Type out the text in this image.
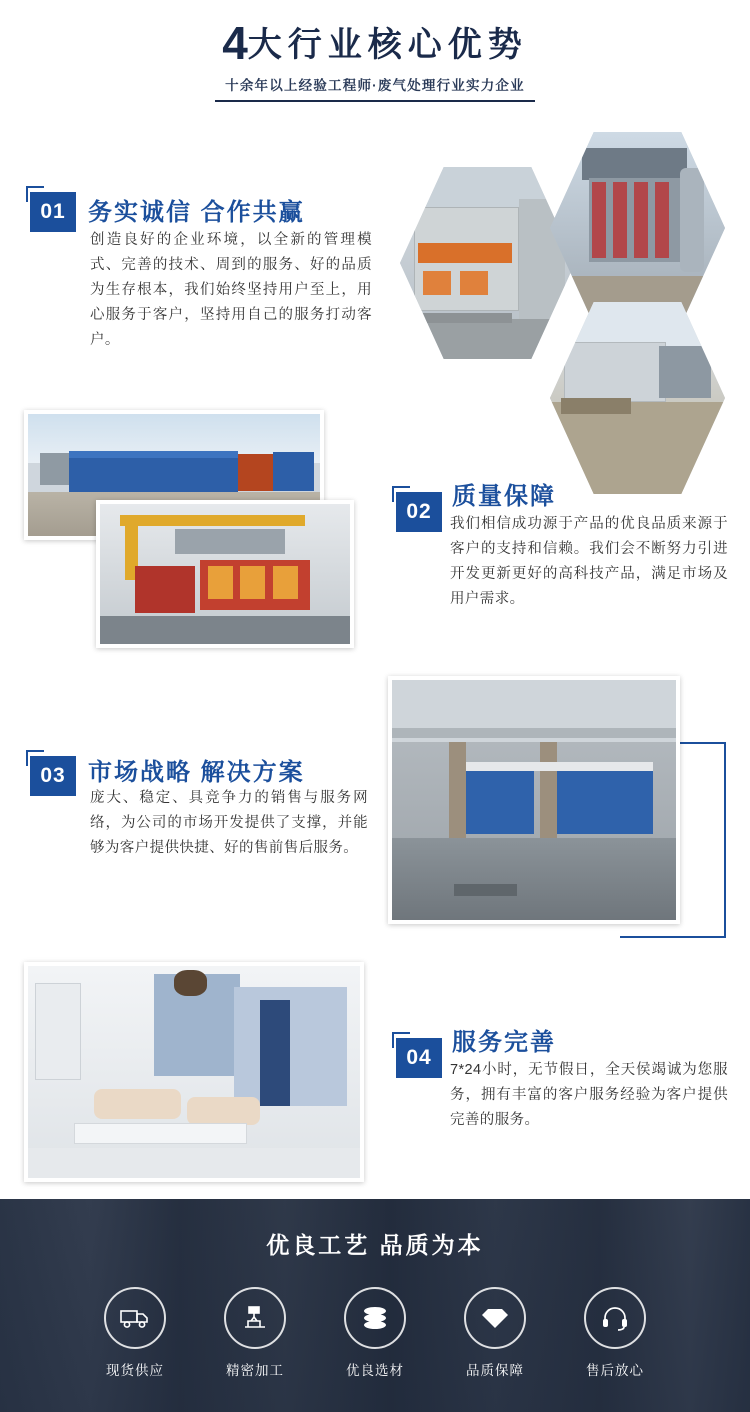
4大行业核心优势
十余年以上经验工程师·废气处理行业实力企业
01 务实诚信 合作共赢
创造良好的企业环境，以全新的管理模式、完善的技术、周到的服务、好的品质为生存根本，我们始终坚持用户至上，用心服务于客户，坚持用自己的服务打动客户。
02
质量保障
我们相信成功源于产品的优良品质来源于客户的支持和信赖。我们会不断努力引进开发更新更好的高科技产品，满足市场及用户需求。
03 市场战略 解决方案
庞大、稳定、具竞争力的销售与服务网络，为公司的市场开发提供了支撑，并能够为客户提供快捷、好的售前售后服务。
04
服务完善
7*24小时，无节假日，全天侯竭诚为您服务，拥有丰富的客户服务经验为客户提供完善的服务。
优良工艺 品质为本
现货供应	精密加工	优良选材	品质保障	售后放心
